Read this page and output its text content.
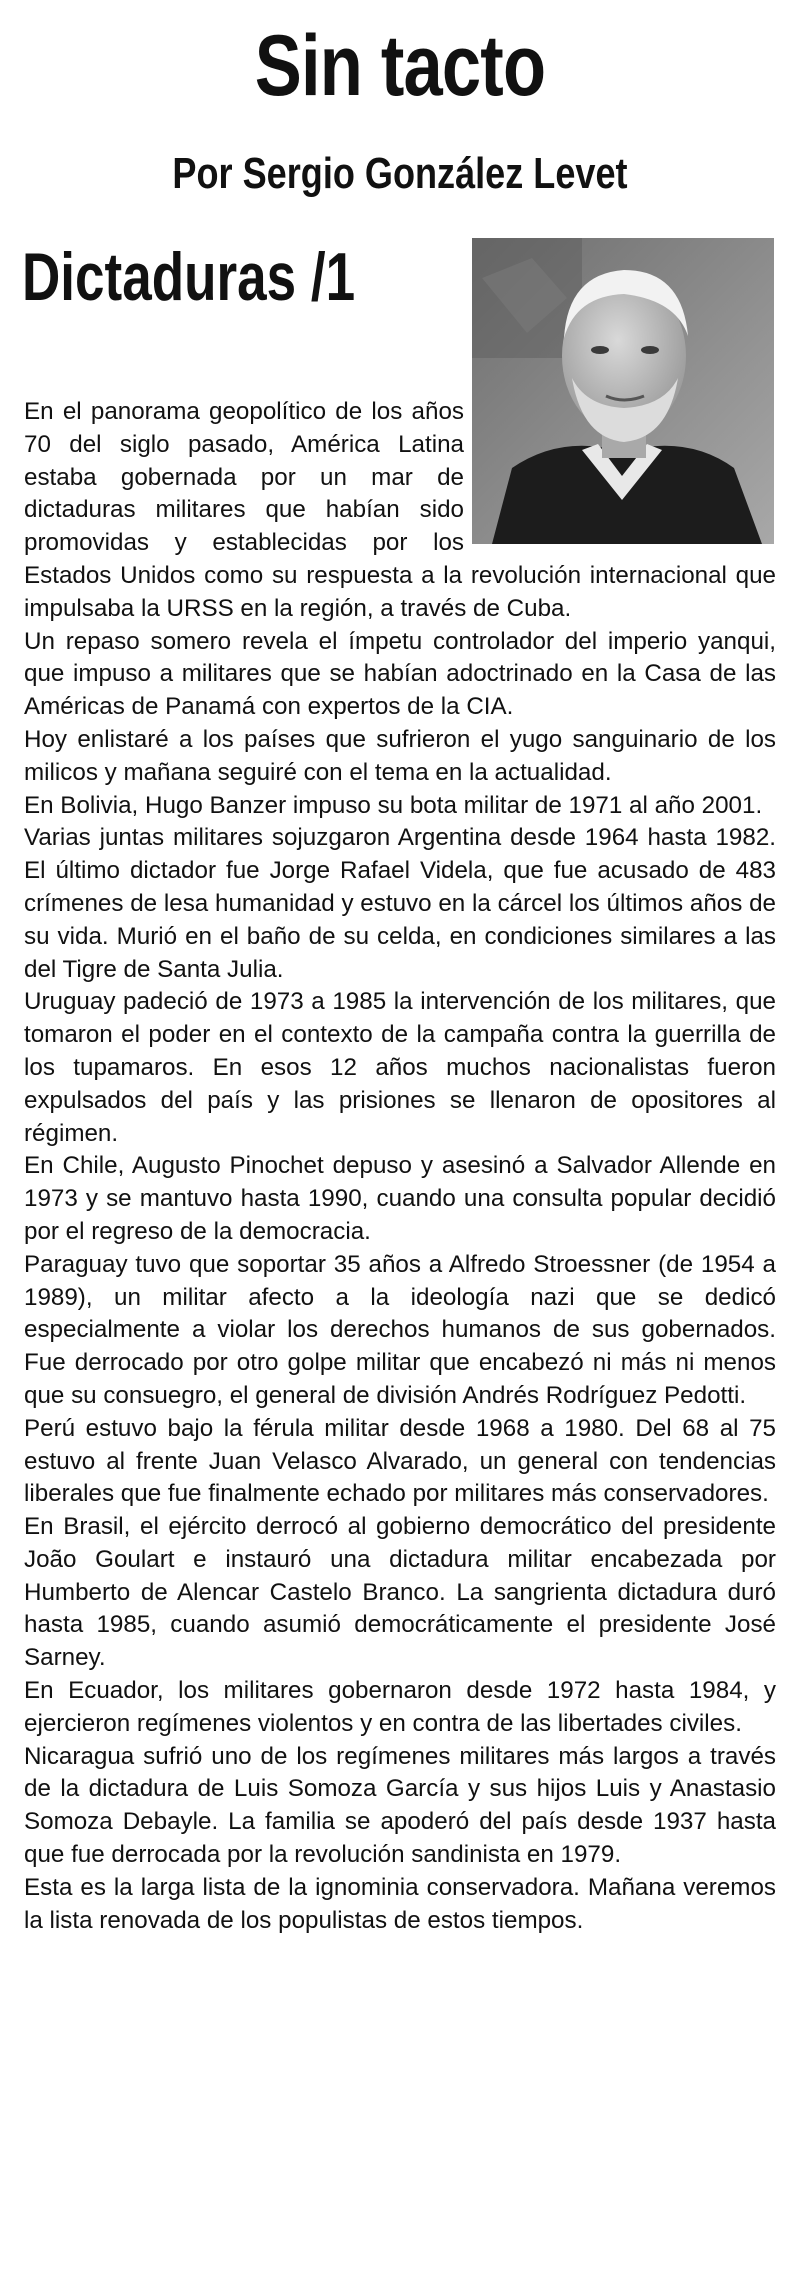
Sin tacto
Por Sergio González Levet
Dictaduras /1

En el panorama geopolítico de los años 70 del siglo pasado, América Latina estaba gobernada por un mar de dictaduras militares que habían sido promovidas y establecidas por los Estados Unidos como su respuesta a la revolución internacional que impulsaba la URSS en la región, a través de Cuba.

Un repaso somero revela el ímpetu controlador del imperio yanqui, que impuso a militares que se habían adoctrinado en la Casa de las Américas de Panamá con expertos de la CIA.

Hoy enlistaré a los países que sufrieron el yugo sanguinario de los milicos y mañana seguiré con el tema en la actualidad.

En Bolivia, Hugo Banzer impuso su bota militar de 1971 al año 2001.

Varias juntas militares sojuzgaron Argentina desde 1964 hasta 1982. El último dictador fue Jorge Rafael Videla, que fue acusado de 483 crímenes de lesa humanidad y estuvo en la cárcel los últimos años de su vida. Murió en el baño de su celda, en condiciones similares a las del Tigre de Santa Julia.

Uruguay padeció de 1973 a 1985 la intervención de los militares, que tomaron el poder en el contexto de la campaña contra la guerrilla de los tupamaros. En esos 12 años muchos nacionalistas fueron expulsados del país y las prisiones se llenaron de opositores al régimen.

En Chile, Augusto Pinochet depuso y asesinó a Salvador Allende en 1973 y se mantuvo hasta 1990, cuando una consulta popular decidió por el regreso de la democracia.

Paraguay tuvo que soportar 35 años a Alfredo Stroessner (de 1954 a 1989), un militar afecto a la ideología nazi que se dedicó especialmente a violar los derechos humanos de sus gobernados. Fue derrocado por otro golpe militar que encabezó ni más ni menos que su consuegro, el general de división Andrés Rodríguez Pedotti.

Perú estuvo bajo la férula militar desde 1968 a 1980. Del 68 al 75 estuvo al frente Juan Velasco Alvarado, un general con tendencias liberales que fue finalmente echado por militares más conservadores.

En Brasil, el ejército derrocó al gobierno democrático del presidente João Goulart e instauró una dictadura militar encabezada por Humberto de Alencar Castelo Branco. La sangrienta dictadura duró hasta 1985, cuando asumió democráticamente el presidente José Sarney.

En Ecuador, los militares gobernaron desde 1972 hasta 1984, y ejercieron regímenes violentos y en contra de las libertades civiles.

Nicaragua sufrió uno de los regímenes militares más largos a través de la dictadura de Luis Somoza García y sus hijos Luis y Anastasio Somoza Debayle. La familia se apoderó del país desde 1937 hasta que fue derrocada por la revolución sandinista en 1979.

Esta es la larga lista de la ignominia conservadora. Mañana veremos la lista renovada de los populistas de estos tiempos.
